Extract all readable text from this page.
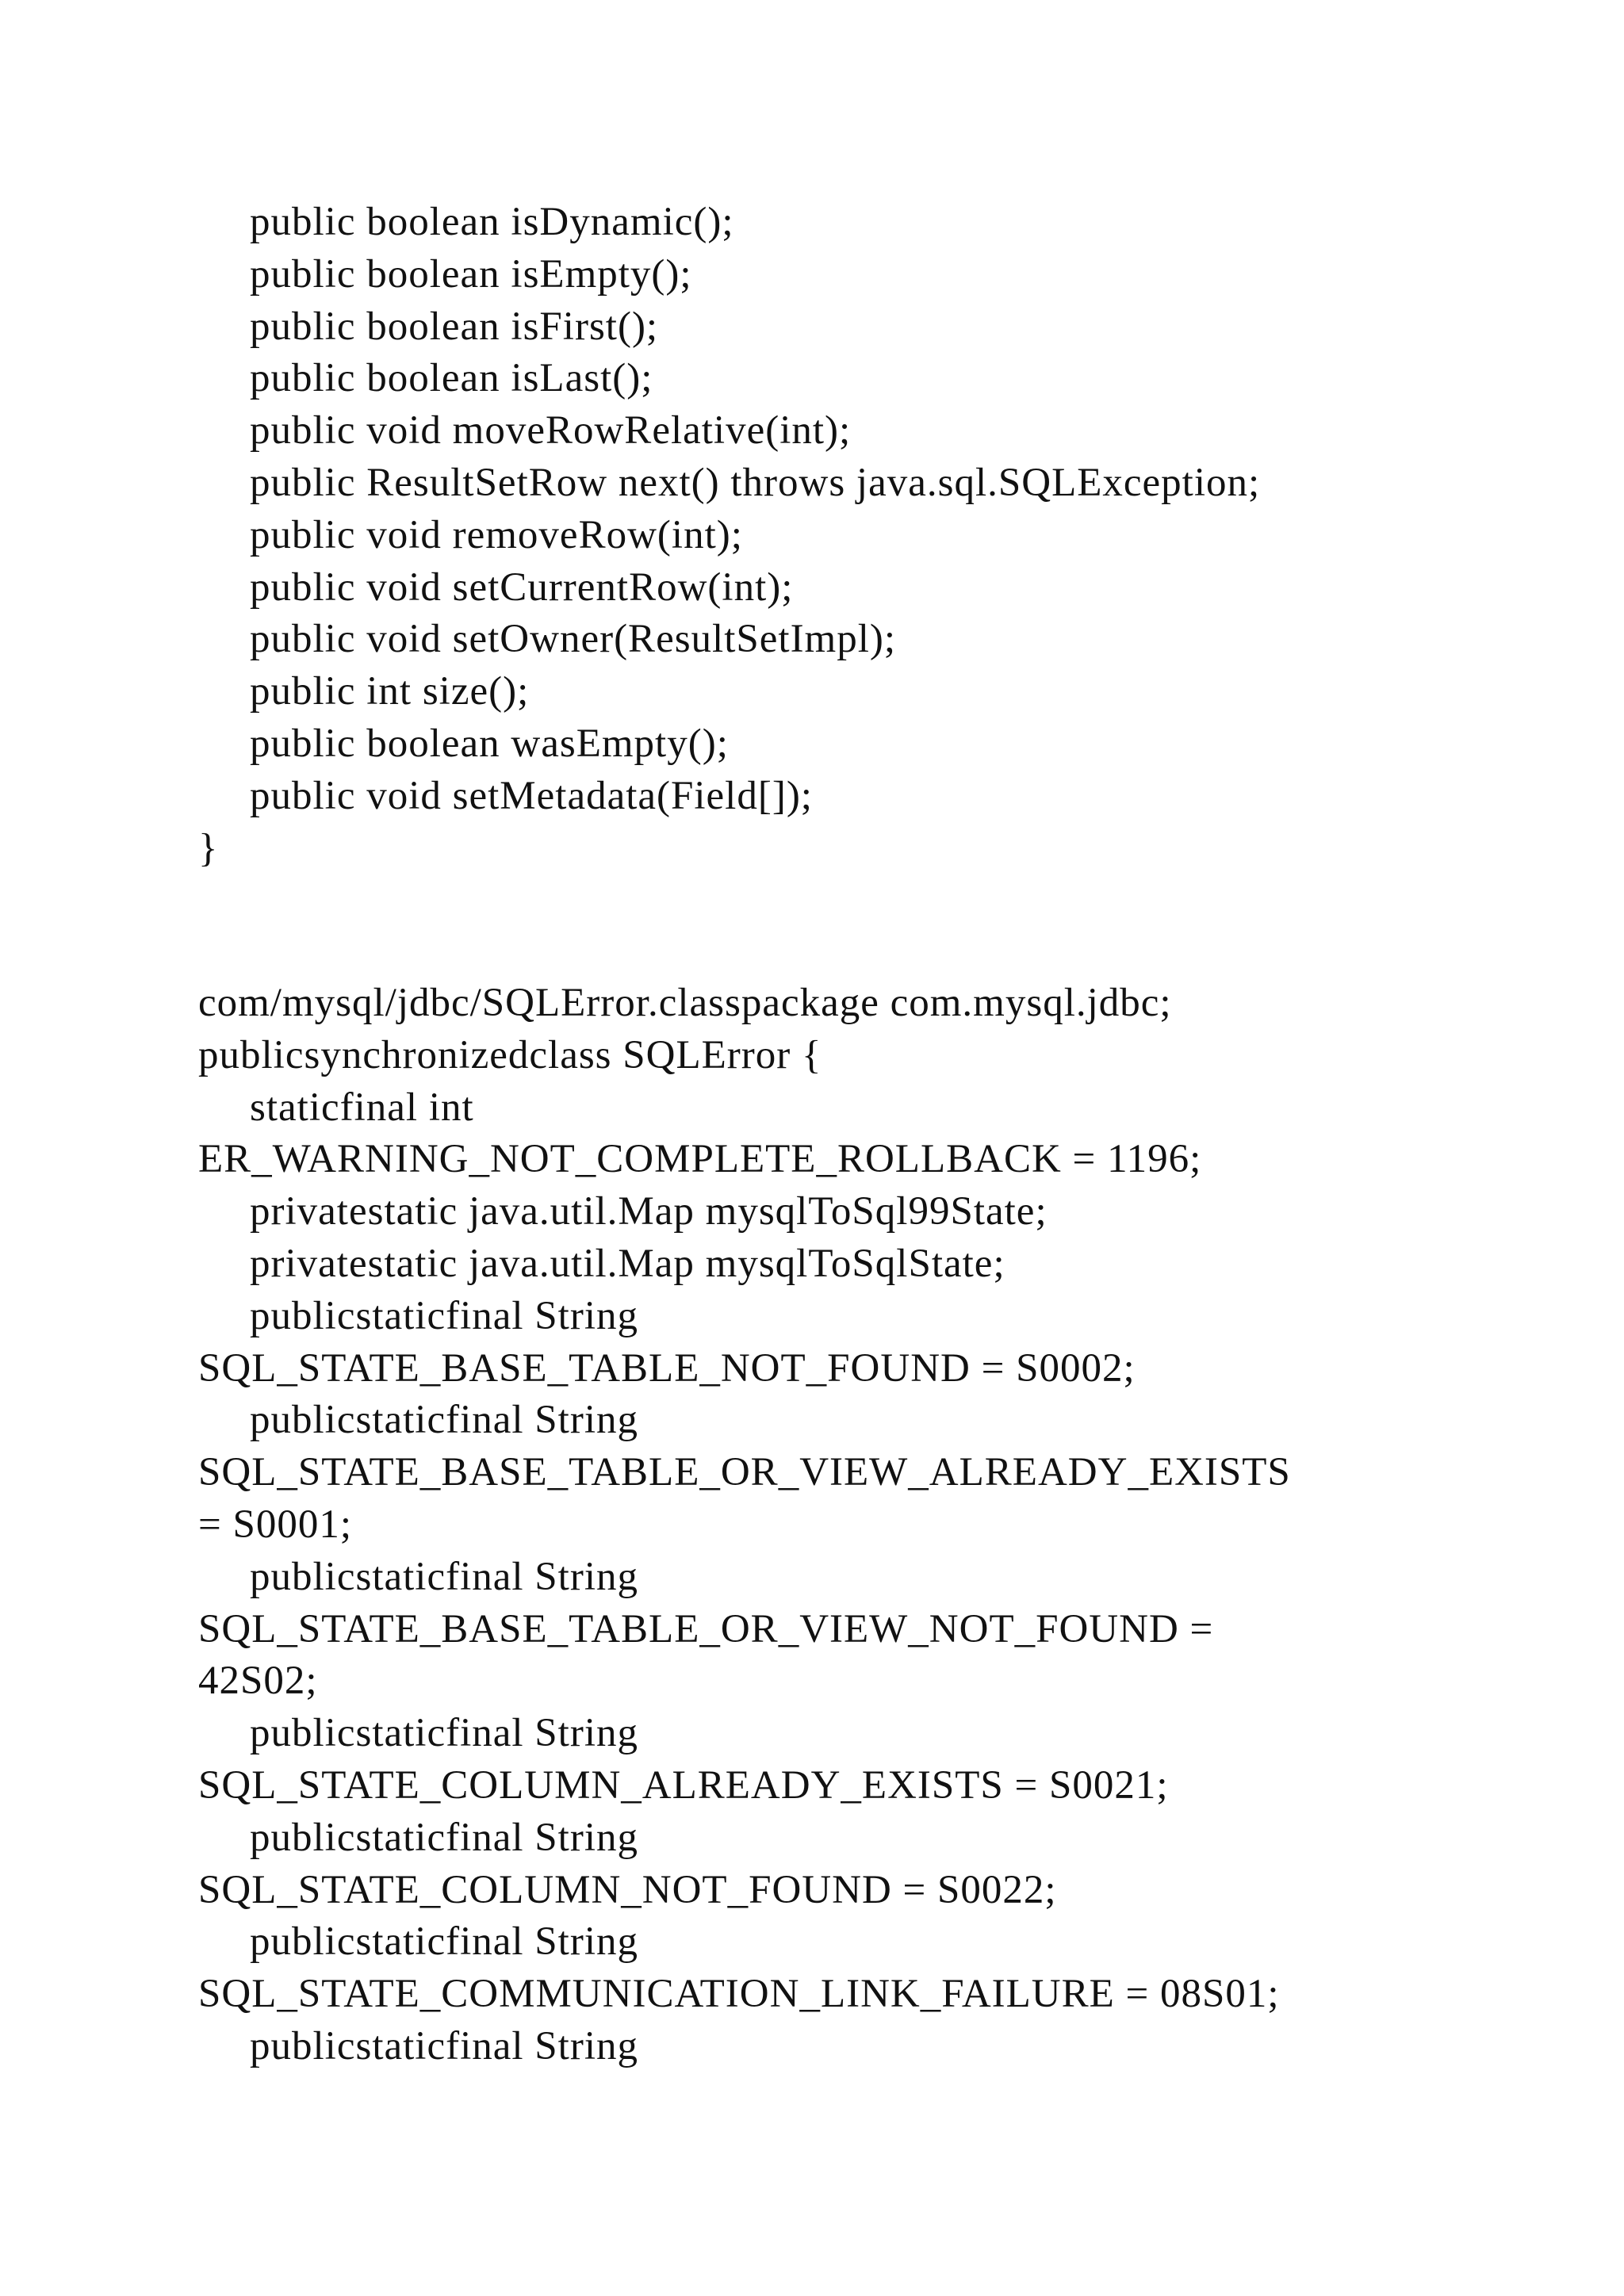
public boolean isDynamic();
public boolean isEmpty();
public boolean isFirst();
public boolean isLast();
public void moveRowRelative(int);
public ResultSetRow next() throws java.sql.SQLException;
public void removeRow(int);
public void setCurrentRow(int);
public void setOwner(ResultSetImpl);
public int size();
public boolean wasEmpty();
public void setMetadata(Field[]);
}
com/mysql/jdbc/SQLError.classpackage com.mysql.jdbc;
publicsynchronizedclass SQLError {
staticfinal int
ER_WARNING_NOT_COMPLETE_ROLLBACK = 1196;
privatestatic java.util.Map mysqlToSql99State;
privatestatic java.util.Map mysqlToSqlState;
publicstaticfinal String
SQL_STATE_BASE_TABLE_NOT_FOUND = S0002;
publicstaticfinal String
SQL_STATE_BASE_TABLE_OR_VIEW_ALREADY_EXISTS
= S0001;
publicstaticfinal String
SQL_STATE_BASE_TABLE_OR_VIEW_NOT_FOUND =
42S02;
publicstaticfinal String
SQL_STATE_COLUMN_ALREADY_EXISTS = S0021;
publicstaticfinal String
SQL_STATE_COLUMN_NOT_FOUND = S0022;
publicstaticfinal String
SQL_STATE_COMMUNICATION_LINK_FAILURE = 08S01;
publicstaticfinal String
